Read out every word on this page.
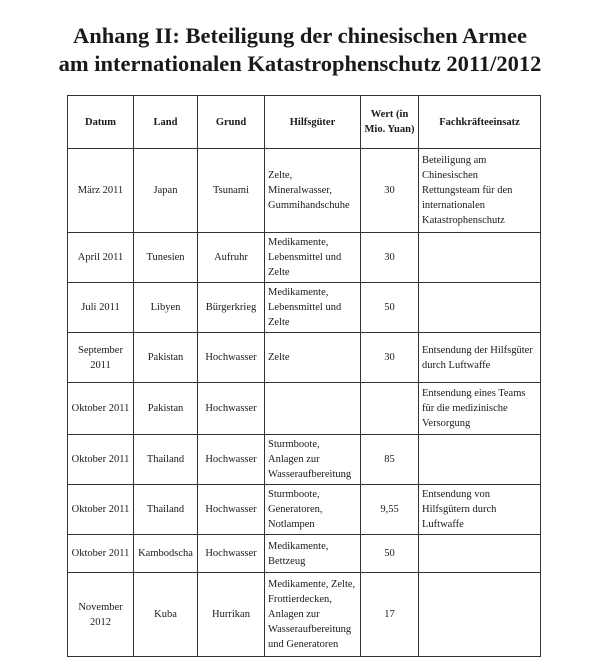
Anhang II: Beteiligung der chinesischen Armee
am internationalen Katastrophenschutz 2011/2012
Datum	Land	Grund	Hilfsgüter	Wert (in Mio. Yuan)	Fachkräfteeinsatz
März 2011	Japan	Tsunami	Zelte, Mineralwasser, Gummihandschuhe	30	Beteiligung am Chinesischen Rettungsteam für den internationalen Katastrophenschutz
April 2011	Tunesien	Aufruhr	Medikamente, Lebensmittel und Zelte	30	
Juli 2011	Libyen	Bürgerkrieg	Medikamente, Lebensmittel und Zelte	50	
September 2011	Pakistan	Hochwasser	Zelte	30	Entsendung der Hilfsgüter durch Luftwaffe
Oktober 2011	Pakistan	Hochwasser			Entsendung eines Teams für die medizinische Versorgung
Oktober 2011	Thailand	Hochwasser	Sturmboote, Anlagen zur Wasseraufbereitung	85	
Oktober 2011	Thailand	Hochwasser	Sturmboote, Generatoren, Notlampen	9,55	Entsendung von Hilfsgütern durch Luftwaffe
Oktober 2011	Kambodscha	Hochwasser	Medikamente, Bettzeug	50	
November 2012	Kuba	Hurrikan	Medikamente, Zelte, Frottierdecken, Anlagen zur Wasseraufbereitung und Generatoren	17	
